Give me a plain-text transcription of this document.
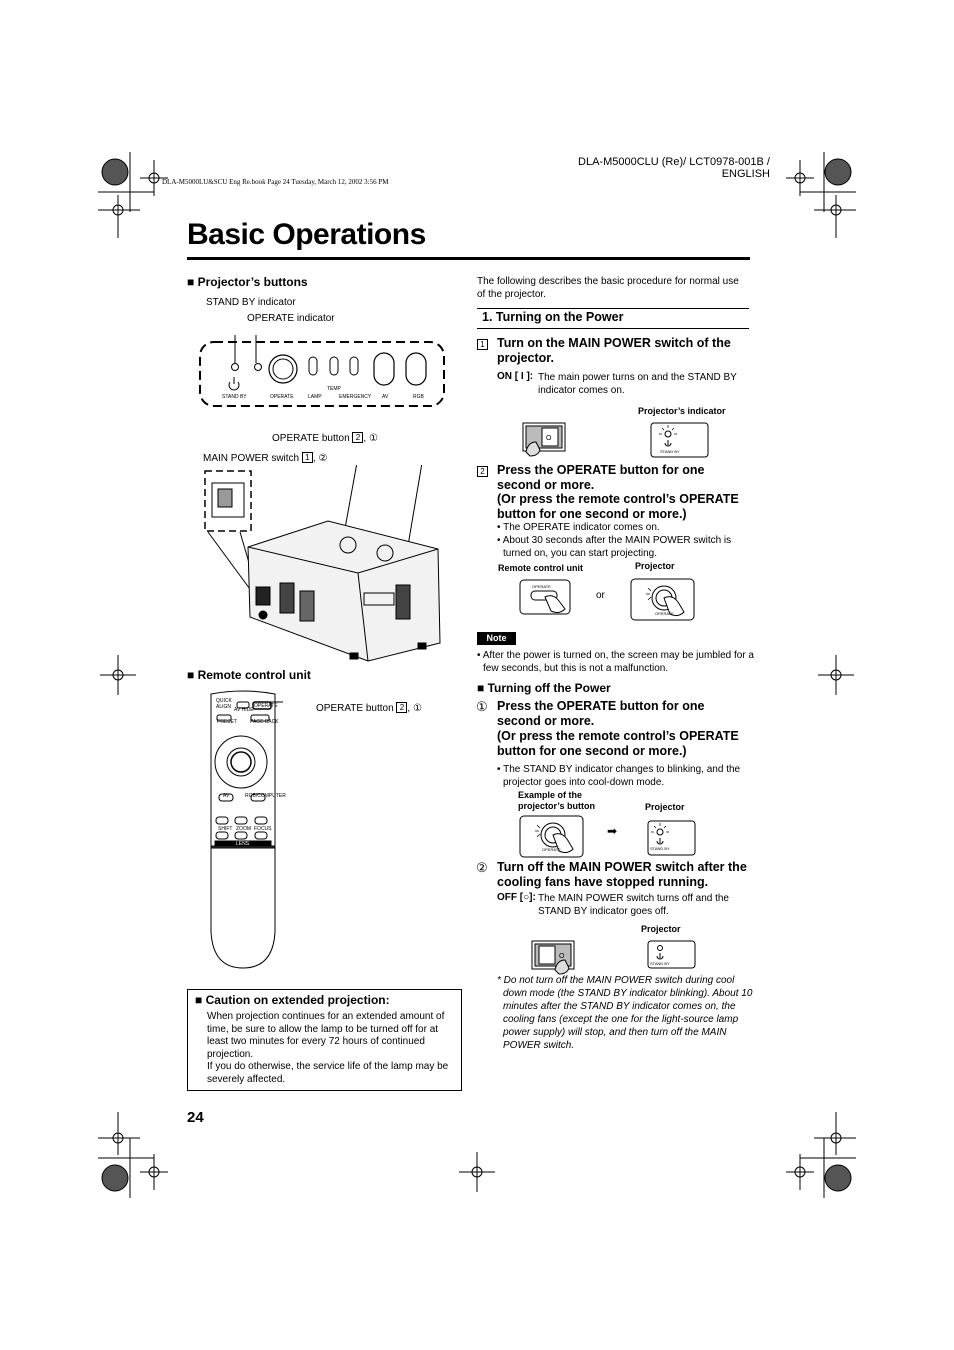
DLA-M5000CLU (Re)/ LCT0978-001B / ENGLISH
DLA-M5000LU&SCU Eng Re.book Page 24 Tuesday, March 12, 2002 3:56 PM
Basic Operations
■ Projector’s buttons
STAND BY indicator
OPERATE indicator
STAND BY	OPERATE	LAMP
TEMP
EMERGENCY AV	RGB
OPERATE button 2 , ①
MAIN POWER switch 1 , ②
■ Remote control unit
OPERATE button 2 , ①
QUICK ALIGN AV HIDE
OPERATE
PRESET	PAGE BACK
AV	RGB/COMPUTER
SHIFT ZOOM FOCUS
LENS
■ Caution on extended projection:
When projection continues for an extended amount of time, be sure to allow the lamp to be turned off for at least two minutes for every 72 hours of continued projection.
If you do otherwise, the service life of the lamp may be severely affected.
24
The following describes the basic procedure for normal use of the projector.
1. Turning on the Power
1 Turn on the MAIN POWER switch of the projector.
ON [ I ]: The main power turns on and the STAND BY indicator comes on.
Projector’s indicator
O
STAND BY
2 Press the OPERATE button for one second or more.
(Or press the remote control’s OPERATE button for one second or more.)
• The OPERATE indicator comes on.
• About 30 seconds after the MAIN POWER switch is turned on, you can start projecting.
Remote control unit	Projector
OPERATE
or
OPERATE
Note
• After the power is turned on, the screen may be jumbled for a few seconds, but this is not a malfunction.
■ Turning off the Power
① Press the OPERATE button for one second or more.
(Or press the remote control’s OPERATE button for one second or more.)
• The STAND BY indicator changes to blinking, and the projector goes into cool-down mode.
Example of the projector’s button	Projector
OPERATE
➡
STAND BY
② Turn off the MAIN POWER switch after the cooling fans have stopped running.
OFF [○]: The MAIN POWER switch turns off and the STAND BY indicator goes off.
Projector
O
STAND BY
* Do not turn off the MAIN POWER switch during cool down mode (the STAND BY indicator blinking). About 10 minutes after the STAND BY indicator comes on, the cooling fans (except the one for the light-source lamp power supply) will stop, and then turn off the MAIN POWER switch.
